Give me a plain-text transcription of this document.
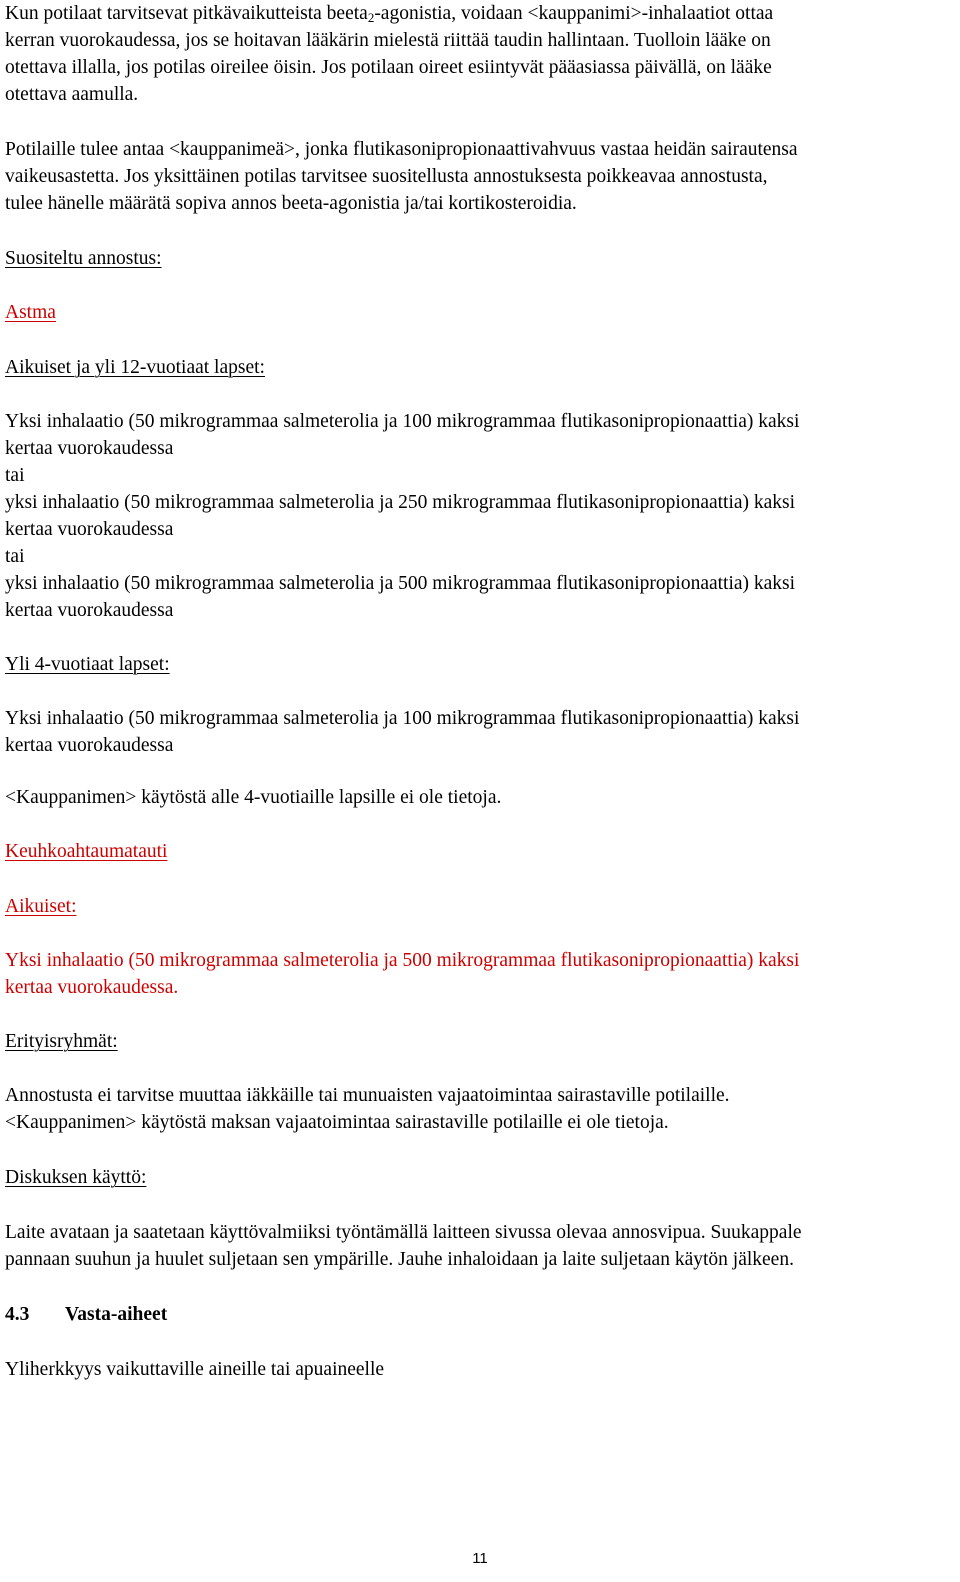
Kun potilaat tarvitsevat pitkävaikutteista beeta$_2$-agonistia, voidaan <kauppanimi>-inhalaatiot ottaa
kerran vuorokaudessa, jos se hoitavan lääkärin mielestä riittää taudin hallintaan. Tuolloin lääke on
otettava illalla, jos potilas oireilee öisin. Jos potilaan oireet esiintyvät pääasiassa päivällä, on lääke
otettava aamulla.

Potilaille tulee antaa <kauppanimeä>, jonka flutikasonipropionaattivahvuus vastaa heidän sairautensa
vaikeusastetta. Jos yksittäinen potilas tarvitsee suositellusta annostuksesta poikkeavaa annostusta,
tulee hänelle määrätä sopiva annos beeta-agonistia ja/tai kortikosteroidia.

Suositeltu annostus:

Astma

Aikuiset ja yli 12-vuotiaat lapset:

Yksi inhalaatio (50 mikrogrammaa salmeterolia ja 100 mikrogrammaa flutikasonipropionaattia) kaksi
kertaa vuorokaudessa
tai
yksi inhalaatio (50 mikrogrammaa salmeterolia ja 250 mikrogrammaa flutikasonipropionaattia) kaksi
kertaa vuorokaudessa
tai
yksi inhalaatio (50 mikrogrammaa salmeterolia ja 500 mikrogrammaa flutikasonipropionaattia) kaksi
kertaa vuorokaudessa

Yli 4-vuotiaat lapset:

Yksi inhalaatio (50 mikrogrammaa salmeterolia ja 100 mikrogrammaa flutikasonipropionaattia) kaksi
kertaa vuorokaudessa

<Kauppanimen> käytöstä alle 4-vuotiaille lapsille ei ole tietoja.

Keuhkoahtaumatauti

Aikuiset:

Yksi inhalaatio (50 mikrogrammaa salmeterolia ja 500 mikrogrammaa flutikasonipropionaattia) kaksi
kertaa vuorokaudessa.

Erityisryhmät:

Annostusta ei tarvitse muuttaa iäkkäille tai munuaisten vajaatoimintaa sairastaville potilaille.
<Kauppanimen> käytöstä maksan vajaatoimintaa sairastaville potilaille ei ole tietoja.

Diskuksen käyttö:

Laite avataan ja saatetaan käyttövalmiiksi työntämällä laitteen sivussa olevaa annosvipua. Suukappale
pannaan suuhun ja huulet suljetaan sen ympärille. Jauhe inhaloidaan ja laite suljetaan käytön jälkeen.

4.3 Vasta-aiheet

Yliherkkyys vaikuttaville aineille tai apuaineelle

11
